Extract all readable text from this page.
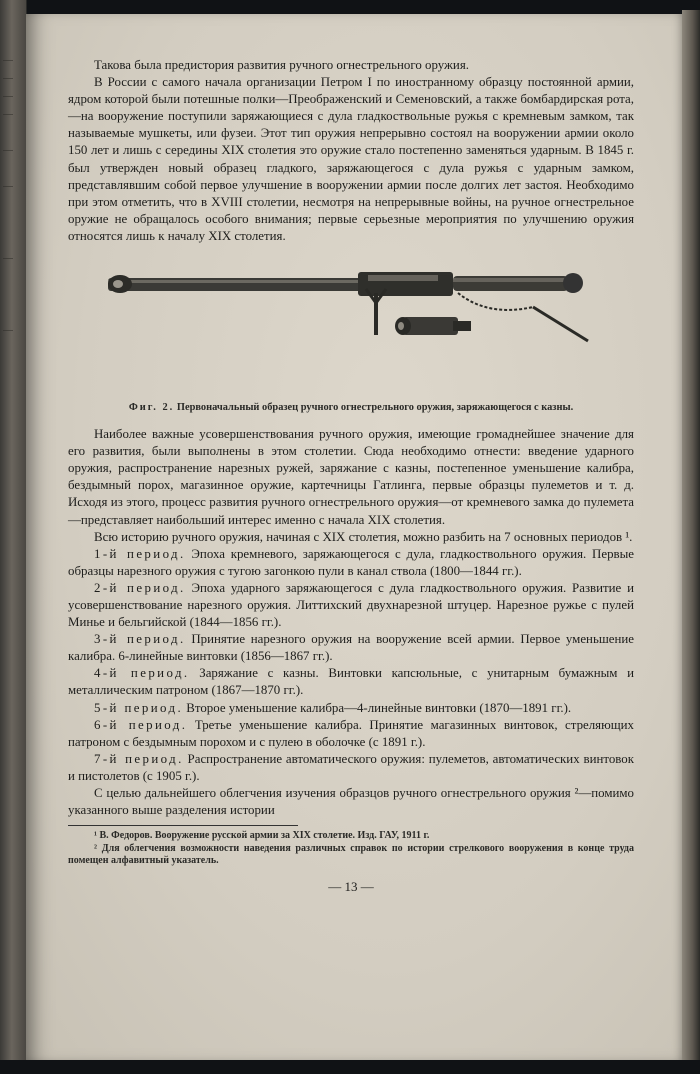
Такова была предистория развития ручного огнестрельного оружия.

В России с самого начала организации Петром I по иностранному образцу постоянной армии, ядром которой были потешные полки—Преображенский и Семеновский, а также бомбардирская рота,—на вооружение поступили заряжающиеся с дула гладкоствольные ружья с кремневым замком, так называемые мушкеты, или фузеи. Этот тип оружия непрерывно состоял на вооружении армии около 150 лет и лишь с середины XIX столетия это оружие стало постепенно заменяться ударным. В 1845 г. был утвержден новый образец гладкого, заряжающегося с дула ружья с ударным замком, представлявшим собой первое улучшение в вооружении армии после долгих лет застоя. Необходимо при этом отметить, что в XVIII столетии, несмотря на непрерывные войны, на ручное огнестрельное оружие не обращалось особого внимания; первые серьезные мероприятия по улучшению оружия относятся лишь к началу XIX столетия.

Фиг. 2. Первоначальный образец ручного огнестрельного оружия, заряжающегося с казны.

Наиболее важные усовершенствования ручного оружия, имеющие громаднейшее значение для его развития, были выполнены в этом столетии. Сюда необходимо отнести: введение ударного оружия, распространение нарезных ружей, заряжание с казны, постепенное уменьшение калибра, бездымный порох, магазинное оружие, картечницы Гатлинга, первые образцы пулеметов и т. д. Исходя из этого, процесс развития ручного огнестрельного оружия—от кремневого замка до пулемета—представляет наибольший интерес именно с начала XIX столетия.

Всю историю ручного оружия, начиная с XIX столетия, можно разбить на 7 основных периодов ¹.

1-й период. Эпоха кремневого, заряжающегося с дула, гладкоствольного оружия. Первые образцы нарезного оружия с тугою загонкою пули в канал ствола (1800—1844 гг.).

2-й период. Эпоха ударного заряжающегося с дула гладкоствольного оружия. Развитие и усовершенствование нарезного оружия. Литтихский двухнарезной штуцер. Нарезное ружье с пулей Минье и бельгийской (1844—1856 гг.).

3-й период. Принятие нарезного оружия на вооружение всей армии. Первое уменьшение калибра. 6-линейные винтовки (1856—1867 гг.).

4-й период. Заряжание с казны. Винтовки капсюльные, с унитарным бумажным и металлическим патроном (1867—1870 гг.).

5-й период. Второе уменьшение калибра—4-линейные винтовки (1870—1891 гг.).

6-й период. Третье уменьшение калибра. Принятие магазинных винтовок, стреляющих патроном с бездымным порохом и с пулею в оболочке (с 1891 г.).

7-й период. Распространение автоматического оружия: пулеметов, автоматических винтовок и пистолетов (с 1905 г.).

С целью дальнейшего облегчения изучения образцов ручного огнестрельного оружия ²—помимо указанного выше разделения истории

¹ В. Федоров. Вооружение русской армии за XIX столетие. Изд. ГАУ, 1911 г.

² Для облегчения возможности наведения различных справок по истории стрелкового вооружения в конце труда помещен алфавитный указатель.

— 13 —
